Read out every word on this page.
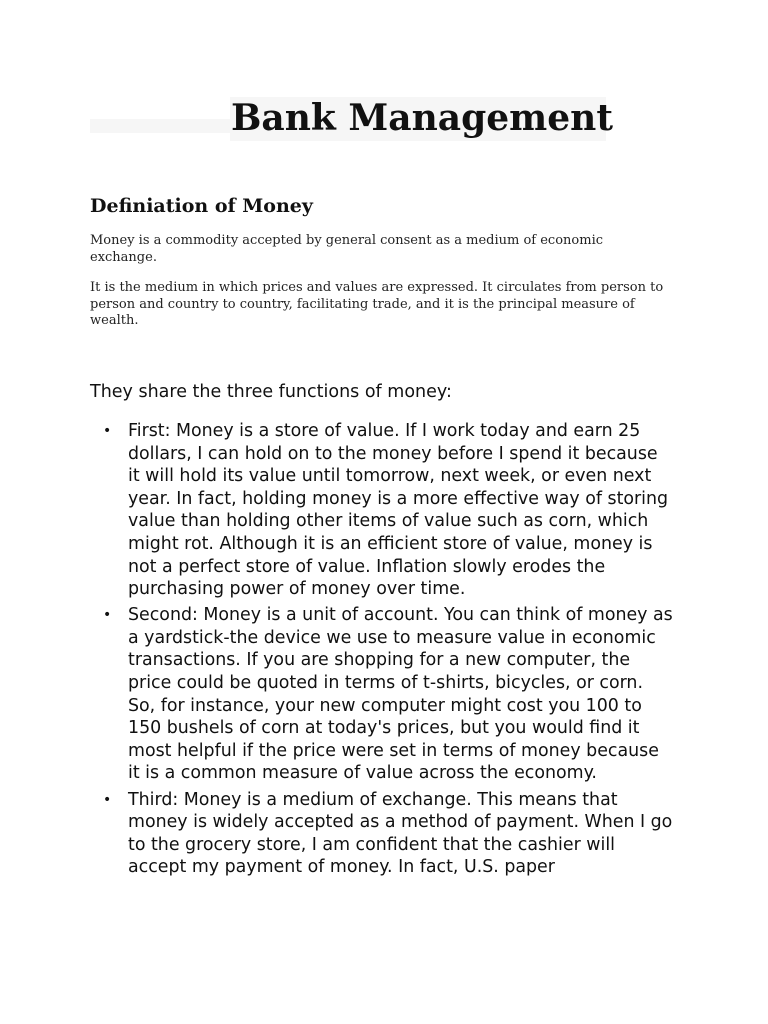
Bank Management
Definiation of Money

Money is a commodity accepted by general consent as a medium of economic exchange.

It is the medium in which prices and values are expressed. It circulates from person to person and country to country, facilitating trade, and it is the principal measure of wealth.

They share the three functions of money:

• First: Money is a store of value. If I work today and earn 25 dollars, I can hold on to the money before I spend it because it will hold its value until tomorrow, next week, or even next year. In fact, holding money is a more effective way of storing value than holding other items of value such as corn, which might rot. Although it is an efficient store of value, money is not a perfect store of value. Inflation slowly erodes the purchasing power of money over time.
• Second: Money is a unit of account. You can think of money as a yardstick-the device we use to measure value in economic transactions. If you are shopping for a new computer, the price could be quoted in terms of t-shirts, bicycles, or corn. So, for instance, your new computer might cost you 100 to 150 bushels of corn at today's prices, but you would find it most helpful if the price were set in terms of money because it is a common measure of value across the economy.
• Third: Money is a medium of exchange. This means that money is widely accepted as a method of payment. When I go to the grocery store, I am confident that the cashier will accept my payment of money. In fact, U.S. paper
